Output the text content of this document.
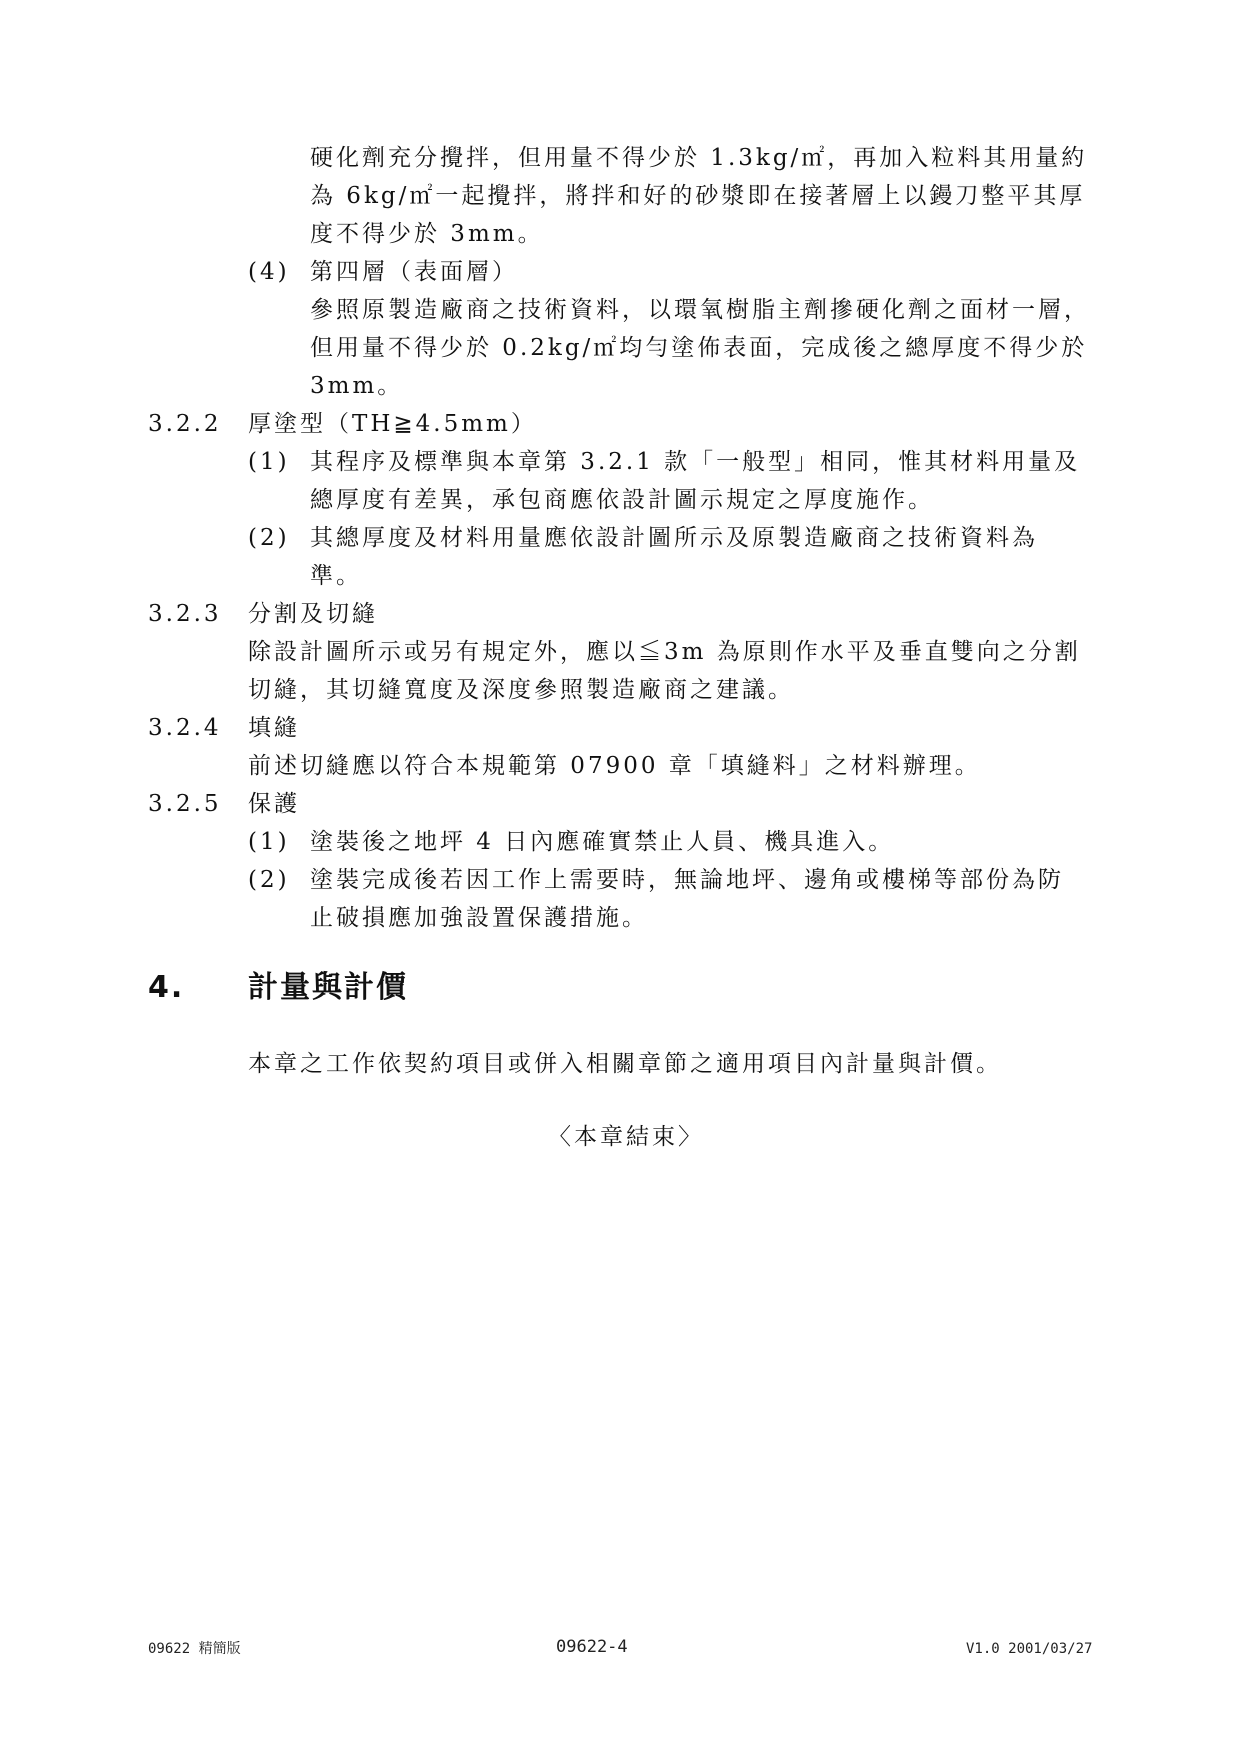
硬化劑充分攪拌，但用量不得少於 1.3kg/㎡，再加入粒料其用量約
為 6kg/㎡一起攪拌，將拌和好的砂漿即在接著層上以鏝刀整平其厚
度不得少於 3mm。
(4) 第四層（表面層）
參照原製造廠商之技術資料，以環氧樹脂主劑摻硬化劑之面材一層，
但用量不得少於 0.2kg/㎡均勻塗佈表面，完成後之總厚度不得少於
3mm。
3.2.2 厚塗型（TH≧4.5mm）
(1) 其程序及標準與本章第 3.2.1 款「一般型」相同，惟其材料用量及
總厚度有差異，承包商應依設計圖示規定之厚度施作。
(2) 其總厚度及材料用量應依設計圖所示及原製造廠商之技術資料為
準。
3.2.3 分割及切縫
除設計圖所示或另有規定外，應以≦3m 為原則作水平及垂直雙向之分割
切縫，其切縫寬度及深度參照製造廠商之建議。
3.2.4 填縫
前述切縫應以符合本規範第 07900 章「填縫料」之材料辦理。
3.2.5 保護
(1) 塗裝後之地坪 4 日內應確實禁止人員、機具進入。
(2) 塗裝完成後若因工作上需要時，無論地坪、邊角或樓梯等部份為防
止破損應加強設置保護措施。
4. 計量與計價
本章之工作依契約項目或併入相關章節之適用項目內計量與計價。
〈本章結束〉
09622 精簡版	09622-4	V1.0 2001/03/27
